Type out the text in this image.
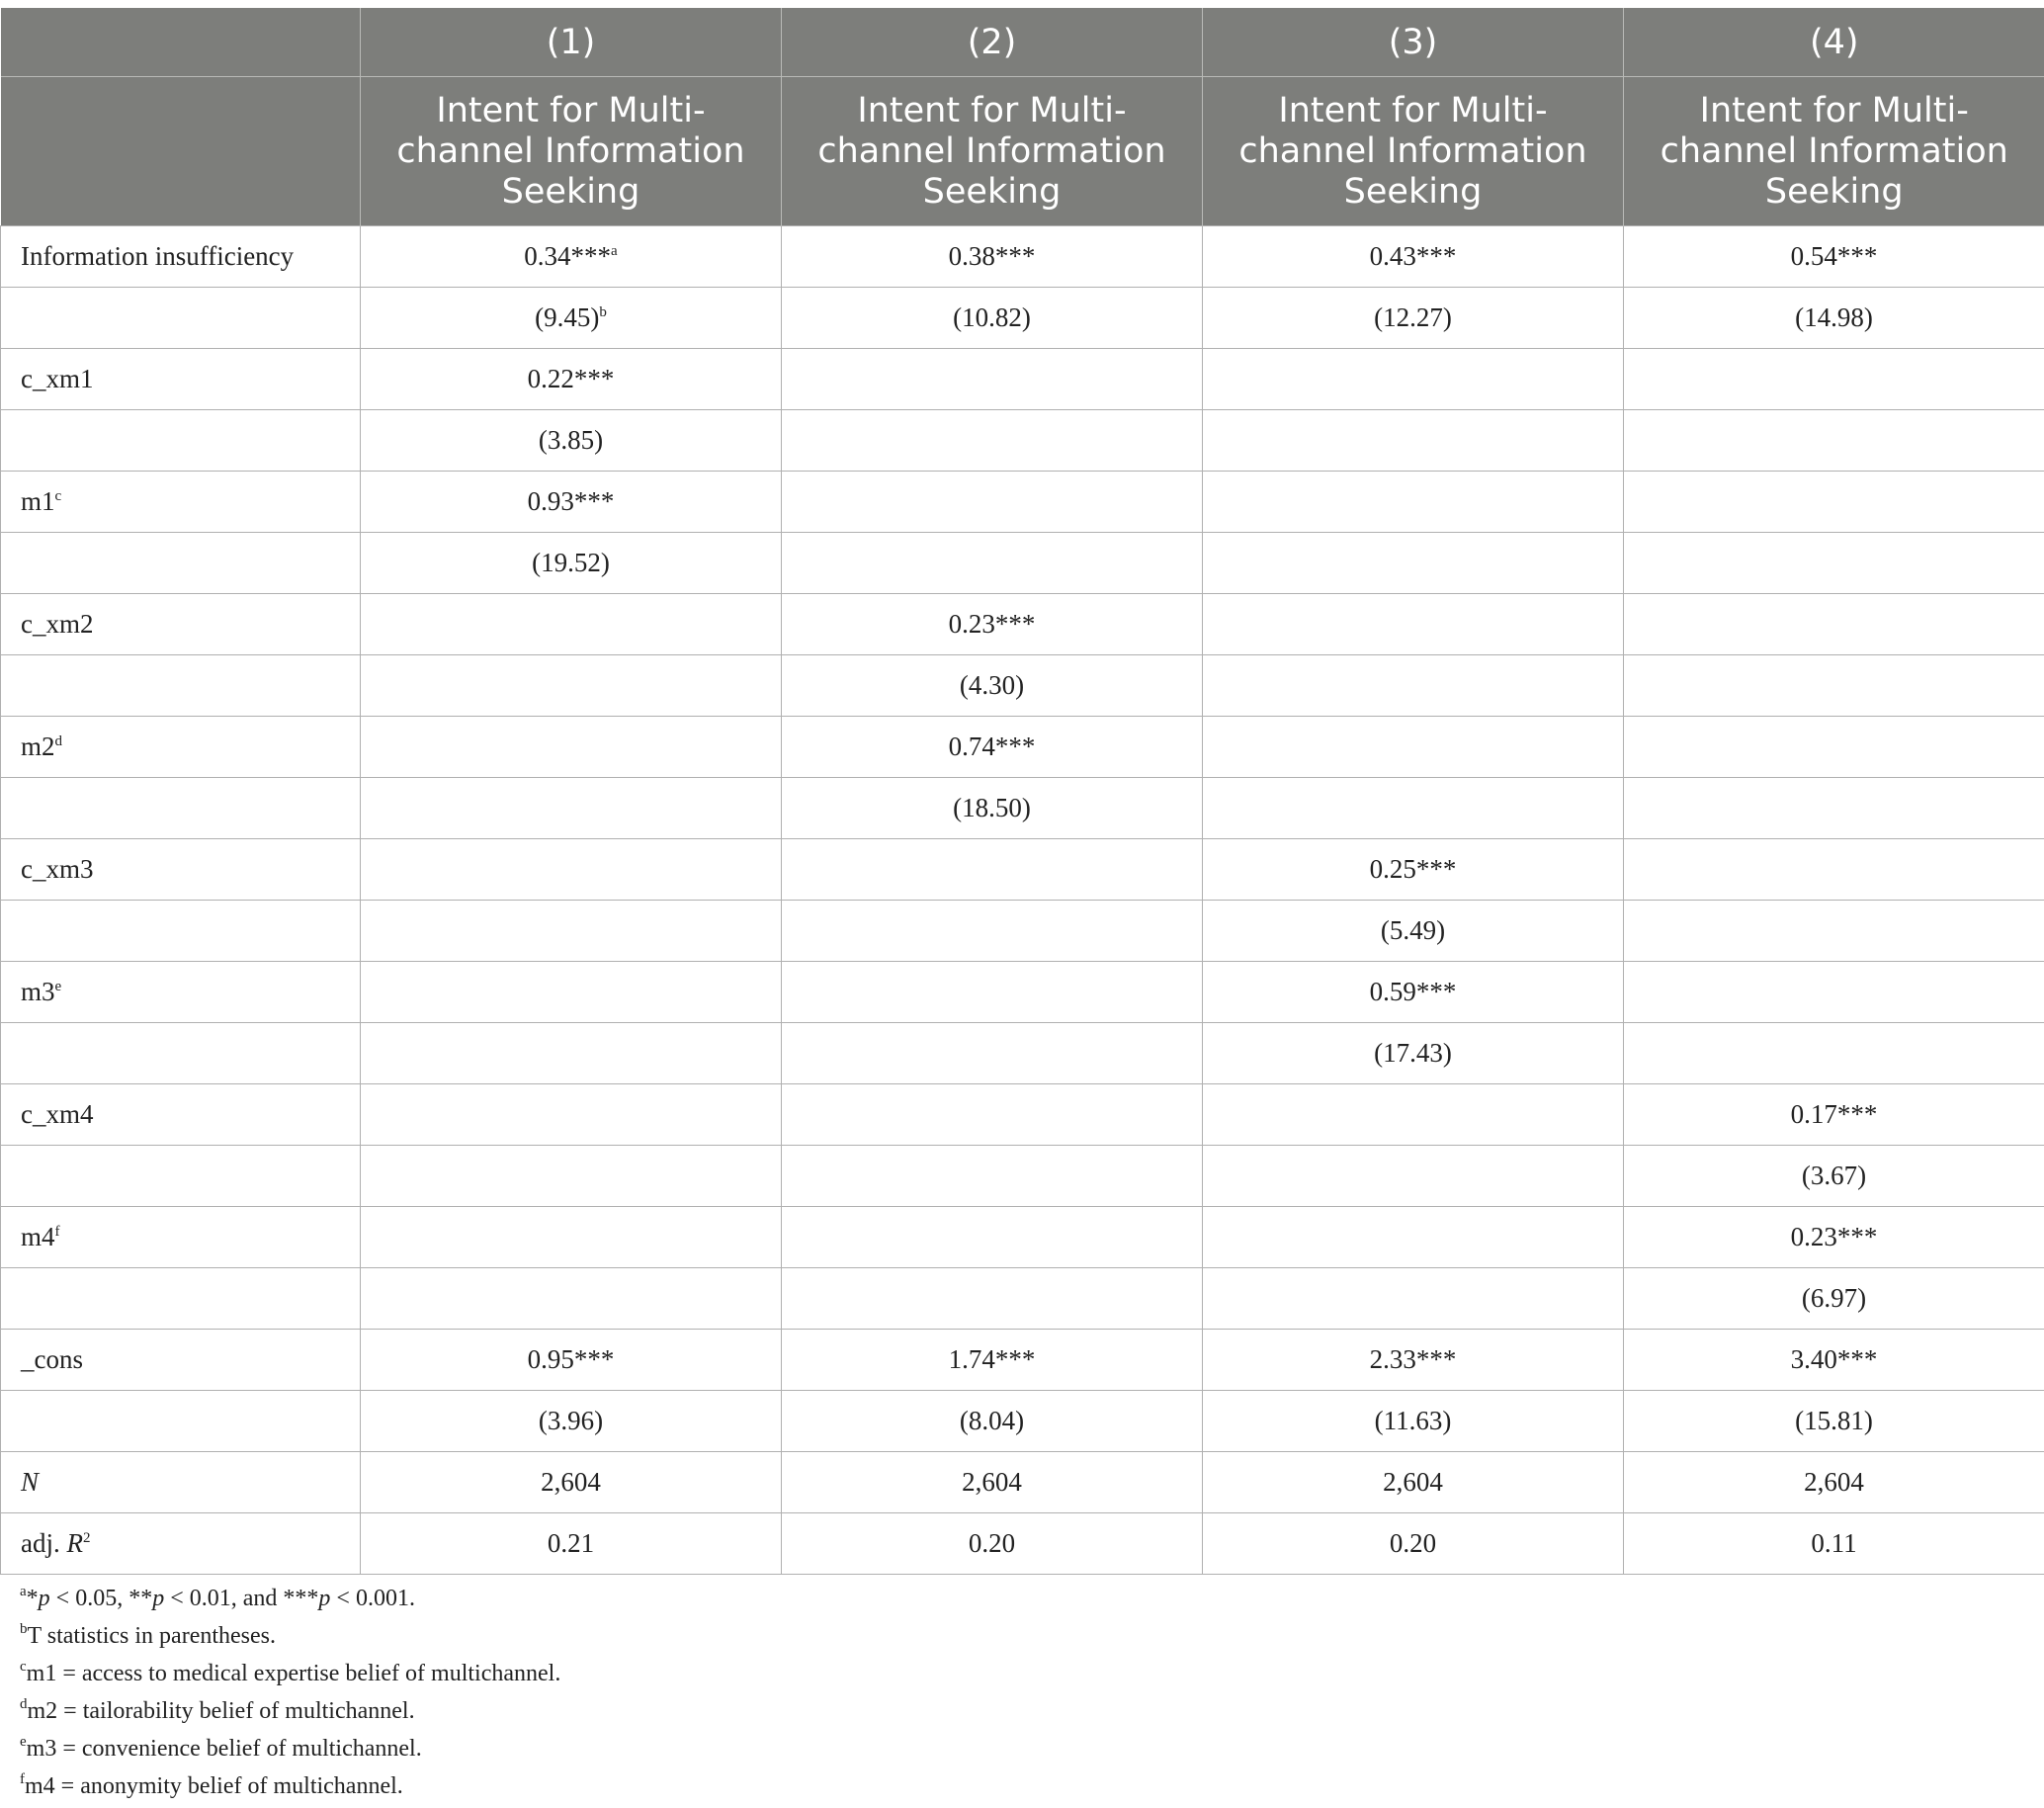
	(1)	(2)	(3)	(4)
	Intent for Multi-channel Information Seeking	Intent for Multi-channel Information Seeking	Intent for Multi-channel Information Seeking	Intent for Multi-channel Information Seeking
Information insufficiency	0.34***$^a$	0.38***	0.43***	0.54***
	$(9.45)^b$	(10.82)	(12.27)	(14.98)
c_xm1	0.22***			
	(3.85)			
m1$^c$	0.93***			
	(19.52)			
c_xm2		0.23***		
		(4.30)		
m2$^d$		0.74***		
		(18.50)		
c_xm3			0.25***	
			(5.49)	
m3e			0.59***	
			(17.43)	
c_xm4				0.17***
				(3.67)
m4$^f$				0.23***
				(6.97)
_cons	0.95***	1.74***	2.33***	3.40***
	(3.96)	(8.04)	(11.63)	(15.81)
N	2,604	2,604	2,604	2,604
adj. $R^2$	0.21	0.20	0.20	0.11
$^a$*p < 0.05, **p < 0.01, and ***p < 0.001.
$^b$T statistics in parentheses.
$^c$m1 = access to medical expertise belief of multichannel.
$^d$m2 = tailorability belief of multichannel.
$^e$m3 = convenience belief of multichannel.
$^f$m4 = anonymity belief of multichannel.
